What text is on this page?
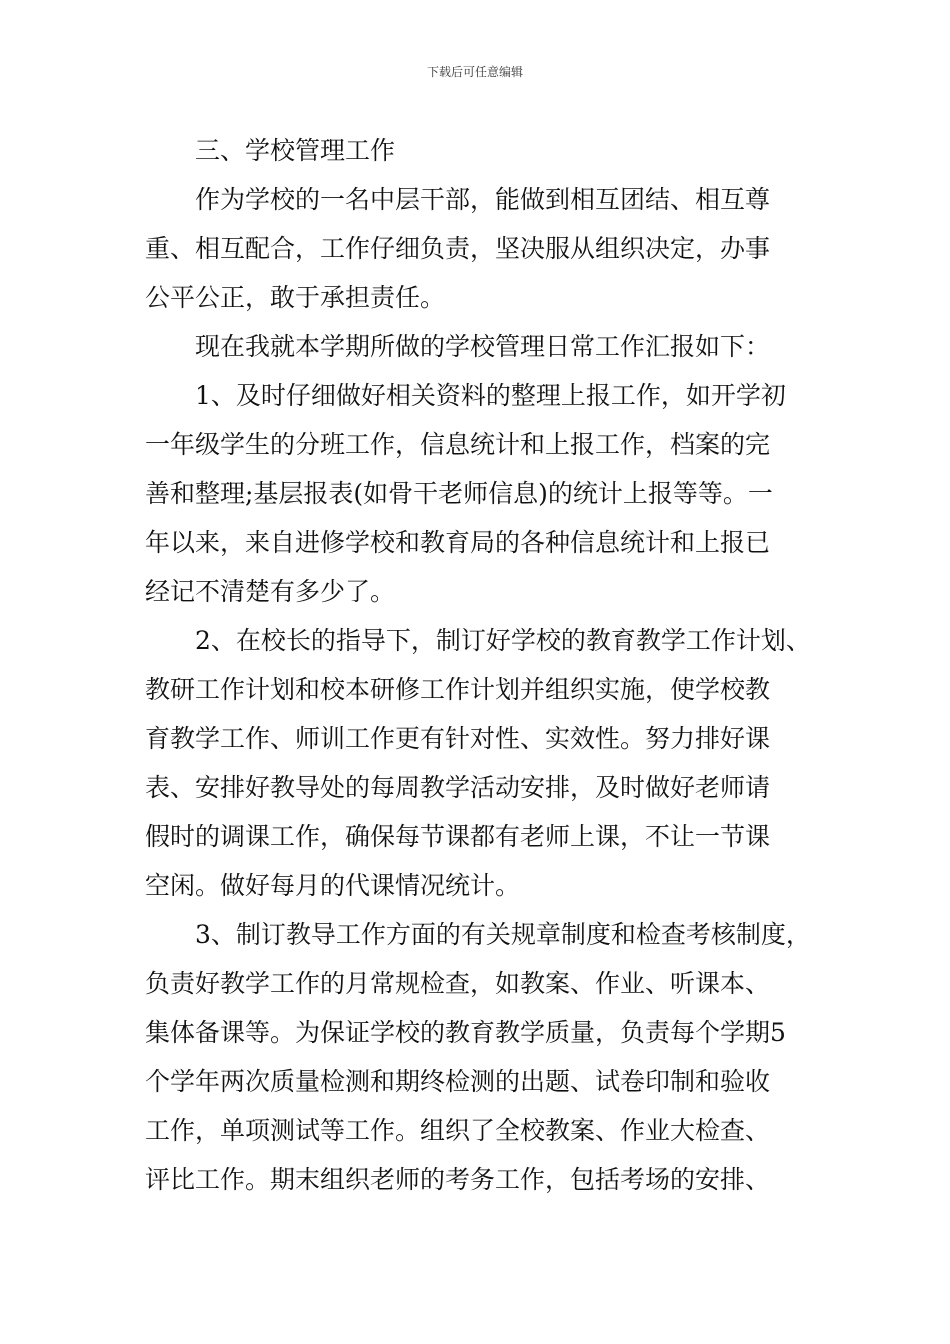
下载后可任意编辑
三、学校管理工作
作为学校的一名中层干部，能做到相互团结、相互尊
重、相互配合，工作仔细负责，坚决服从组织决定，办事
公平公正，敢于承担责任。
现在我就本学期所做的学校管理日常工作汇报如下：
1、及时仔细做好相关资料的整理上报工作，如开学初
一年级学生的分班工作，信息统计和上报工作，档案的完
善和整理;基层报表(如骨干老师信息)的统计上报等等。一
年以来，来自进修学校和教育局的各种信息统计和上报已
经记不清楚有多少了。
2、在校长的指导下，制订好学校的教育教学工作计划、
教研工作计划和校本研修工作计划并组织实施，使学校教
育教学工作、师训工作更有针对性、实效性。努力排好课
表、安排好教导处的每周教学活动安排，及时做好老师请
假时的调课工作，确保每节课都有老师上课，不让一节课
空闲。做好每月的代课情况统计。
3、制订教导工作方面的有关规章制度和检查考核制度，
负责好教学工作的月常规检查，如教案、作业、听课本、
集体备课等。为保证学校的教育教学质量，负责每个学期5
个学年两次质量检测和期终检测的出题、试卷印制和验收
工作，单项测试等工作。组织了全校教案、作业大检查、
评比工作。期末组织老师的考务工作，包括考场的安排、
